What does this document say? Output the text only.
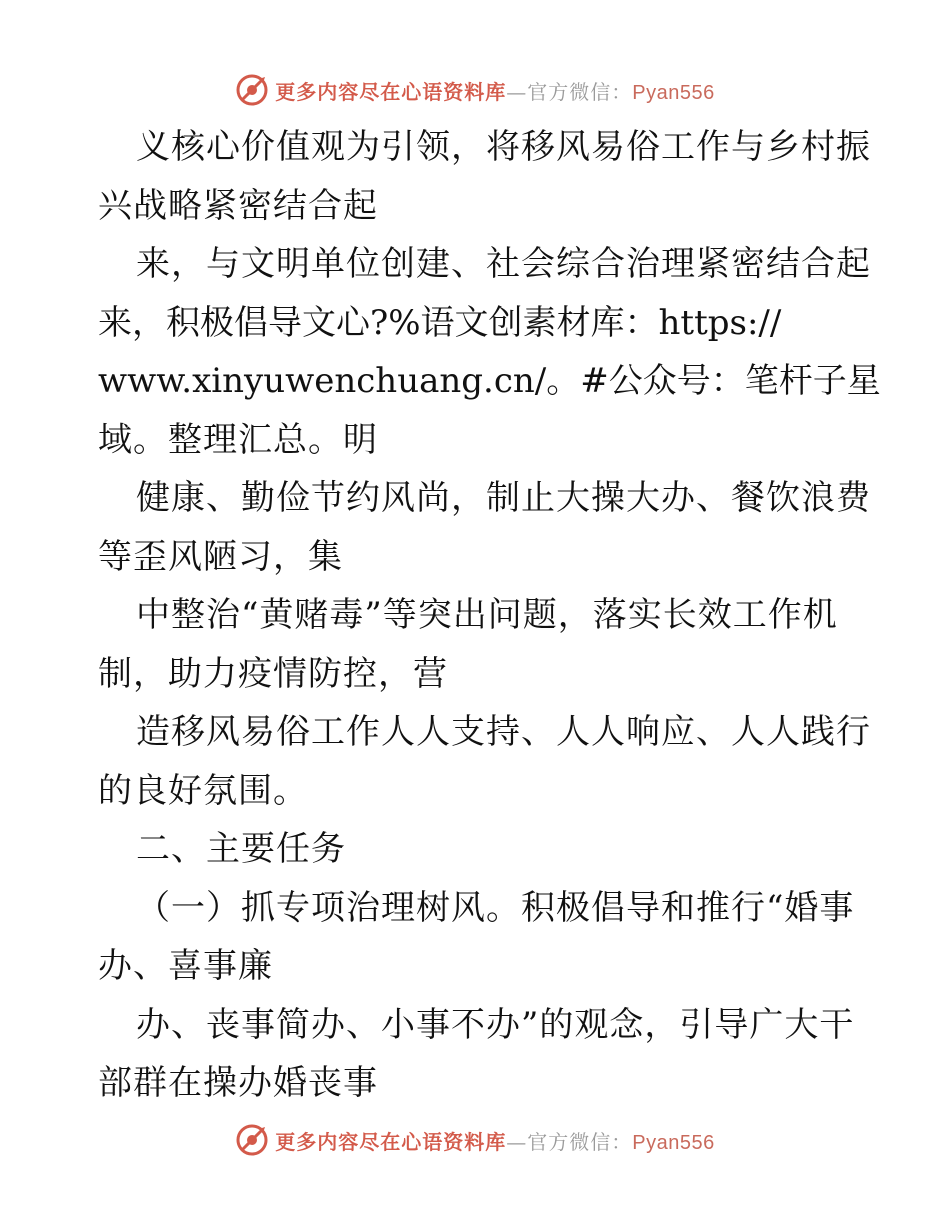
更多内容尽在心语资料库 —官方微信： Pyan556
义核心价值观为引领，将移风易俗工作与乡村振
兴战略紧密结合起
来，与文明单位创建、社会综合治理紧密结合起
来，积极倡导文心?%语文创素材库：https://
www.xinyuwenchuang.cn/。#公众号：笔杆子星
域。整理汇总。明
健康、勤俭节约风尚，制止大操大办、餐饮浪费
等歪风陋习，集
中整治“黄赌毒”等突出问题，落实长效工作机
制，助力疫情防控，营
造移风易俗工作人人支持、人人响应、人人践行
的良好氛围。
二、主要任务
（一）抓专项治理树风。积极倡导和推行“婚事
办、喜事廉
办、丧事简办、小事不办”的观念，引导广大干
部群在操办婚丧事
更多内容尽在心语资料库 —官方微信： Pyan556
